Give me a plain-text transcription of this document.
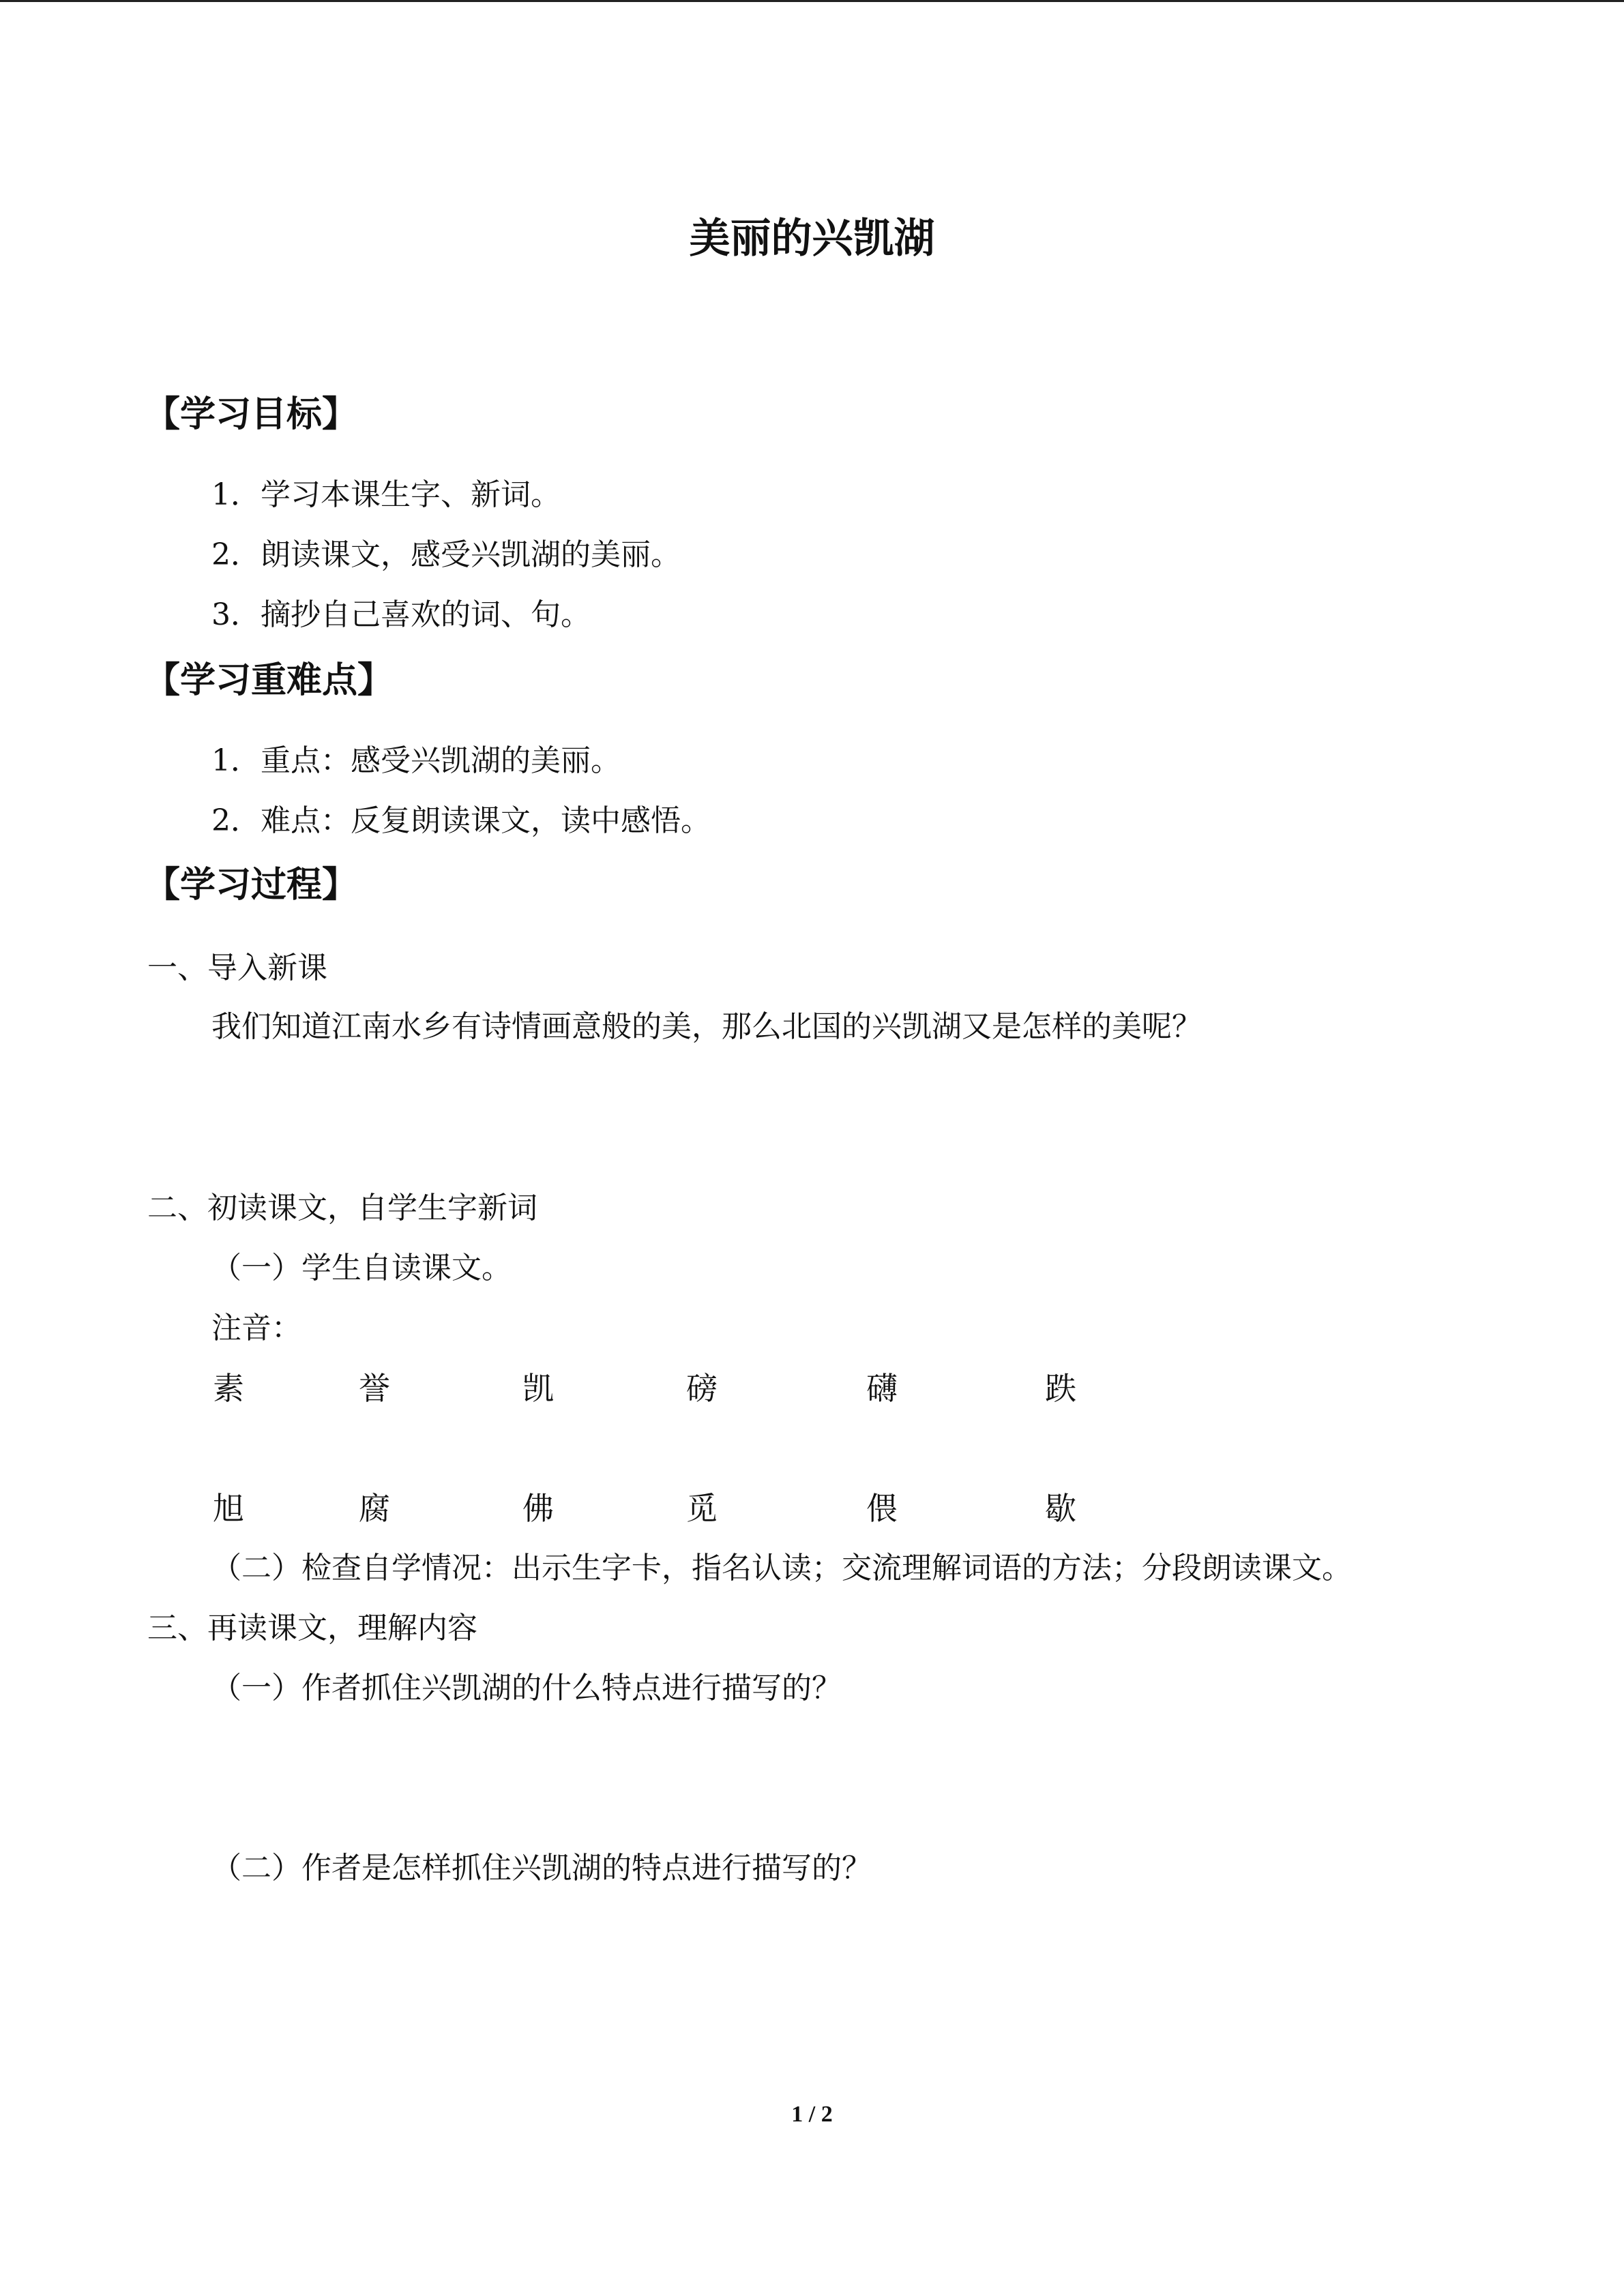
美丽的兴凯湖
【学习目标】
1．学习本课生字、新词。
2．朗读课文，感受兴凯湖的美丽。
3．摘抄自己喜欢的词、句。
【学习重难点】
1．重点：感受兴凯湖的美丽。
2．难点：反复朗读课文，读中感悟。
【学习过程】
一、导入新课
我们知道江南水乡有诗情画意般的美，那么北国的兴凯湖又是怎样的美呢？
二、初读课文，自学生字新词
（一）学生自读课文。
注音：
素	誉	凯	磅	礴	跌
旭	腐	佛	觅	偎	歇
（二）检查自学情况：出示生字卡，指名认读；交流理解词语的方法；分段朗读课文。
三、再读课文，理解内容
（一）作者抓住兴凯湖的什么特点进行描写的？
（二）作者是怎样抓住兴凯湖的特点进行描写的？
1 / 2
